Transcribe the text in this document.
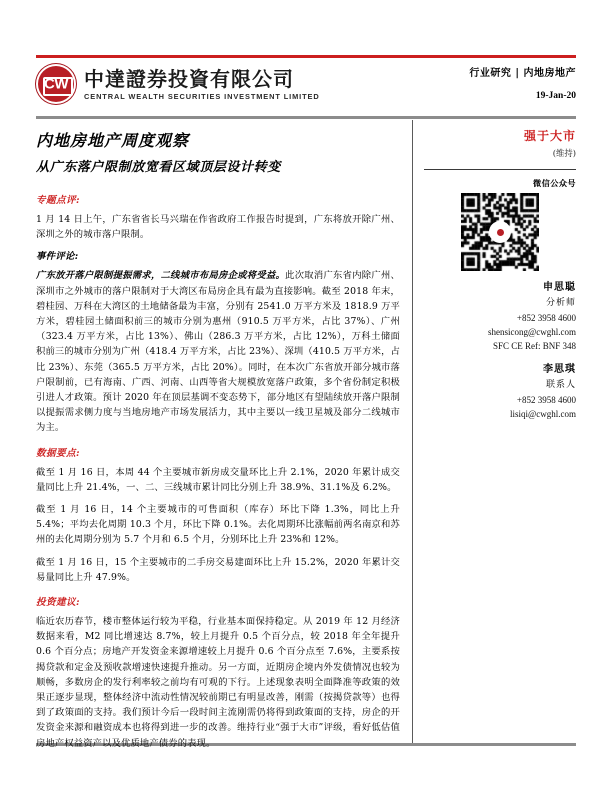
CW 中達證券投資有限公司
CENTRAL WEALTH SECURITIES INVESTMENT LIMITED
行业研究 | 内地房地产
19-Jan-20
内地房地产周度观察
从广东落户限制放宽看区域顶层设计转变
专题点评:

1 月 14 日上午，广东省省长马兴瑞在作省政府工作报告时提到，广东将放开除广州、深圳之外的城市落户限制。

事件评论:

广东放开落户限制提振需求，二线城市布局房企或将受益。此次取消广东省内除广州、深圳市之外城市的落户限制对于大湾区布局房企具有最为直接影响。截至 2018 年末，碧桂园、万科在大湾区的土地储备最为丰富，分别有 2541.0 万平方米及 1818.9 万平方米，碧桂园土储面积前三的城市分别为惠州（910.5 万平方米，占比 37%）、广州（323.4 万平方米，占比 13%）、佛山（286.3 万平方米，占比 12%），万科土储面积前三的城市分别为广州（418.4 万平方米，占比 23%）、深圳（410.5 万平方米，占比 23%）、东莞（365.5 万平方米，占比 20%）。同时，在本次广东省放开部分城市落户限制前，已有海南、广西、河南、山西等省大规模放宽落户政策，多个省份制定积极引进人才政策。预计 2020 年在顶层基调不变态势下，部分地区有望陆续放开落户限制以提振需求侧力度与当地房地产市场发展活力，其中主要以一线卫星城及部分二线城市为主。

数据要点:

截至 1 月 16 日，本周 44 个主要城市新房成交量环比上升 2.1%，2020 年累计成交量同比上升 21.4%，一、二、三线城市累计同比分别上升 38.9%、31.1%及 6.2%。

截至 1 月 16 日，14 个主要城市的可售面积（库存）环比下降 1.3%，同比上升 5.4%；平均去化周期 10.3 个月，环比下降 0.1%。去化周期环比涨幅前两名南京和苏州的去化周期分别为 5.7 个月和 6.5 个月，分别环比上升 23%和 12%。

截至 1 月 16 日，15 个主要城市的二手房交易建面环比上升 15.2%，2020 年累计交易量同比上升 47.9%。

投资建议:

临近农历春节，楼市整体运行较为平稳，行业基本面保持稳定。从 2019 年 12 月经济数据来看，M2 同比增速达 8.7%，较上月提升 0.5 个百分点，较 2018 年全年提升 0.6 个百分点；房地产开发资金来源增速较上月提升 0.6 个百分点至 7.6%，主要系按揭贷款和定金及预收款增速快速提升推动。另一方面，近期房企境内外发债情况也较为顺畅，多数房企的发行利率较之前均有可观的下行。上述现象表明全面降准等政策的效果正逐步显现，整体经济中流动性情况较前期已有明显改善，刚需（按揭贷款等）也得到了政策面的支持。我们预计今后一段时间主流刚需仍将得到政策面的支持，房企的开发资金来源和融资成本也将得到进一步的改善。维持行业“强于大市”评级，看好低估值房地产权益资产以及优质地产债券的表现。

强于大市
(维持)
微信公众号
申思聪
分析师
+852 3958 4600
shensicong@cwghl.com
SFC CE Ref: BNF 348
李思琪
联系人
+852 3958 4600
lisiqi@cwghl.com
